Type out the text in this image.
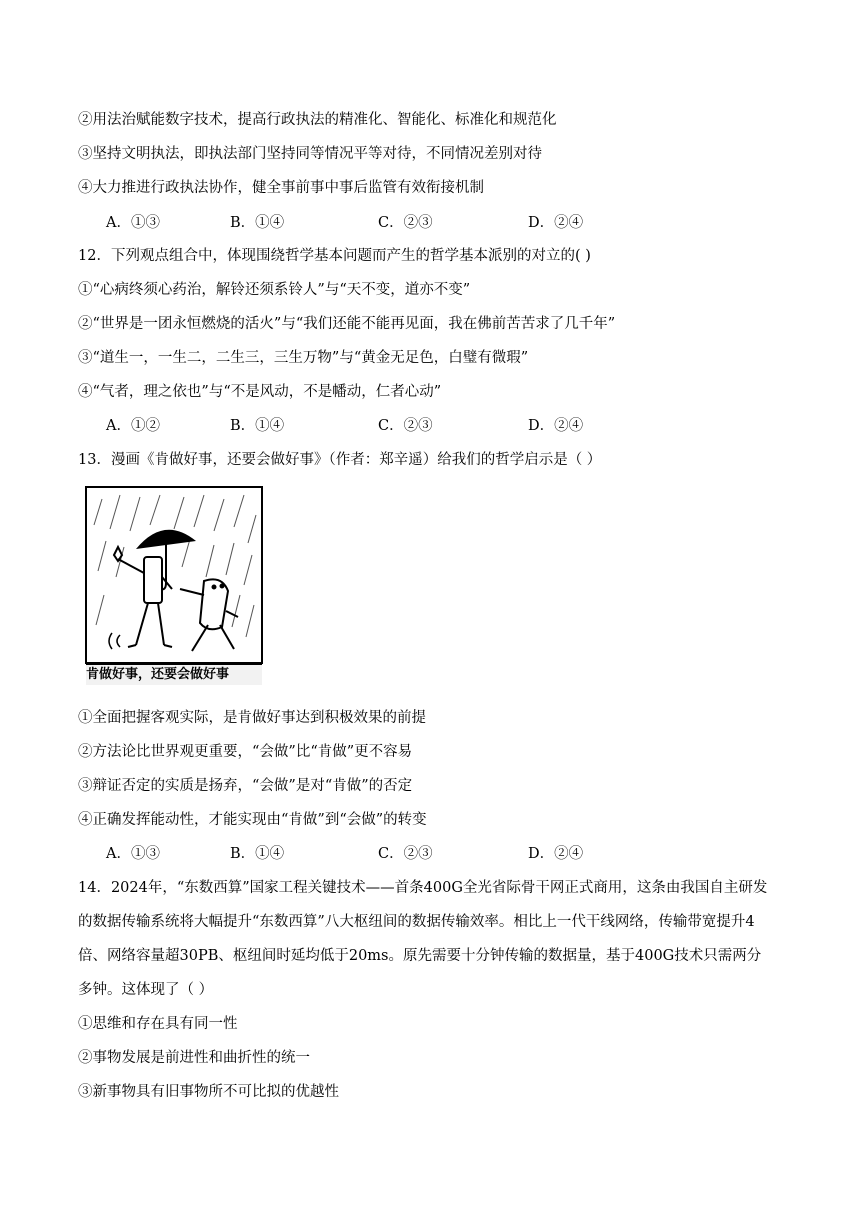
②用法治赋能数字技术，提高行政执法的精准化、智能化、标准化和规范化
③坚持文明执法，即执法部门坚持同等情况平等对待，不同情况差别对待
④大力推进行政执法协作，健全事前事中事后监管有效衔接机制
A．①③	B．①④	C．②③	D．②④
12．下列观点组合中，体现围绕哲学基本问题而产生的哲学基本派别的对立的( )
①“心病终须心药治，解铃还须系铃人”与“天不变，道亦不变”
②“世界是一团永恒燃烧的活火”与“我们还能不能再见面，我在佛前苦苦求了几千年”
③“道生一，一生二，二生三，三生万物”与“黄金无足色，白璧有微瑕”
④“气者，理之依也”与“不是风动，不是幡动，仁者心动”
A．①②	B．①④	C．②③	D．②④
13．漫画《肯做好事，还要会做好事》（作者：郑辛遥）给我们的哲学启示是（ ）
肯做好事，还要会做好事
①全面把握客观实际，是肯做好事达到积极效果的前提
②方法论比世界观更重要，“会做”比“肯做”更不容易
③辩证否定的实质是扬弃，“会做”是对“肯做”的否定
④正确发挥能动性，才能实现由“肯做”到“会做”的转变
A．①③	B．①④	C．②③	D．②④
14．2024年，“东数西算”国家工程关键技术——首条400G全光省际骨干网正式商用，这条由我国自主研发
的数据传输系统将大幅提升“东数西算”八大枢纽间的数据传输效率。相比上一代干线网络，传输带宽提升4
倍、网络容量超30PB、枢纽间时延均低于20ms。原先需要十分钟传输的数据量，基于400G技术只需两分
多钟。这体现了（ ）
①思维和存在具有同一性
②事物发展是前进性和曲折性的统一
③新事物具有旧事物所不可比拟的优越性
